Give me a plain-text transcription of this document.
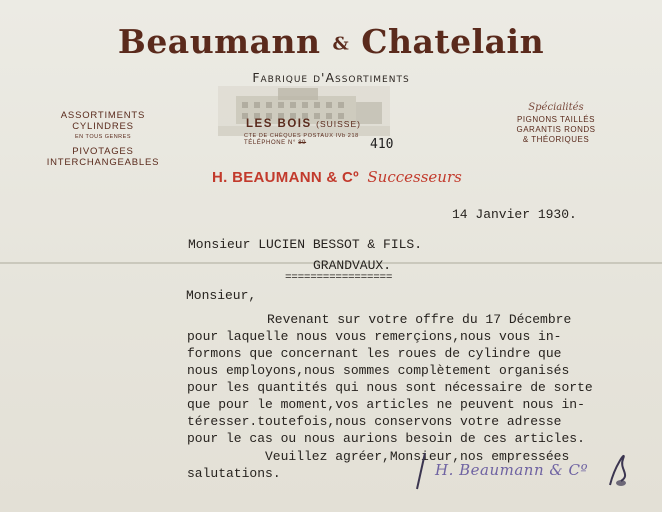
Beaumann & Chatelain
Fabrique d'Assortiments
ASSORTIMENTS
CYLINDRES
EN TOUS GENRES
PIVOTAGES
INTERCHANGEABLES
Spécialités
PIGNONS TAILLÉS
GARANTIS RONDS
& THÉORIQUES
LES BOIS (SUISSE)
CTE DE CHÈQUES POSTAUX IVb 218
TÉLÉPHONE N° 89	410
H. BEAUMANN & Cº Successeurs
14 Janvier 1930.
Monsieur LUCIEN BESSOT & FILS.
GRANDVAUX.
=================
Monsieur,
Revenant sur votre offre du 17 Décembre
pour laquelle nous vous remerçions,nous vous in-
formons que concernant les roues de cylindre que
nous employons,nous sommes complètement organisés
pour les quantités qui nous sont nécessaire de sorte
que pour le moment,vos articles ne peuvent nous in-
téresser.toutefois,nous conservons votre adresse
pour le cas ou nous aurions besoin de ces articles.
Veuillez agréer,Monsieur,nos empressées
salutations.	H. Beaumann & Cº
